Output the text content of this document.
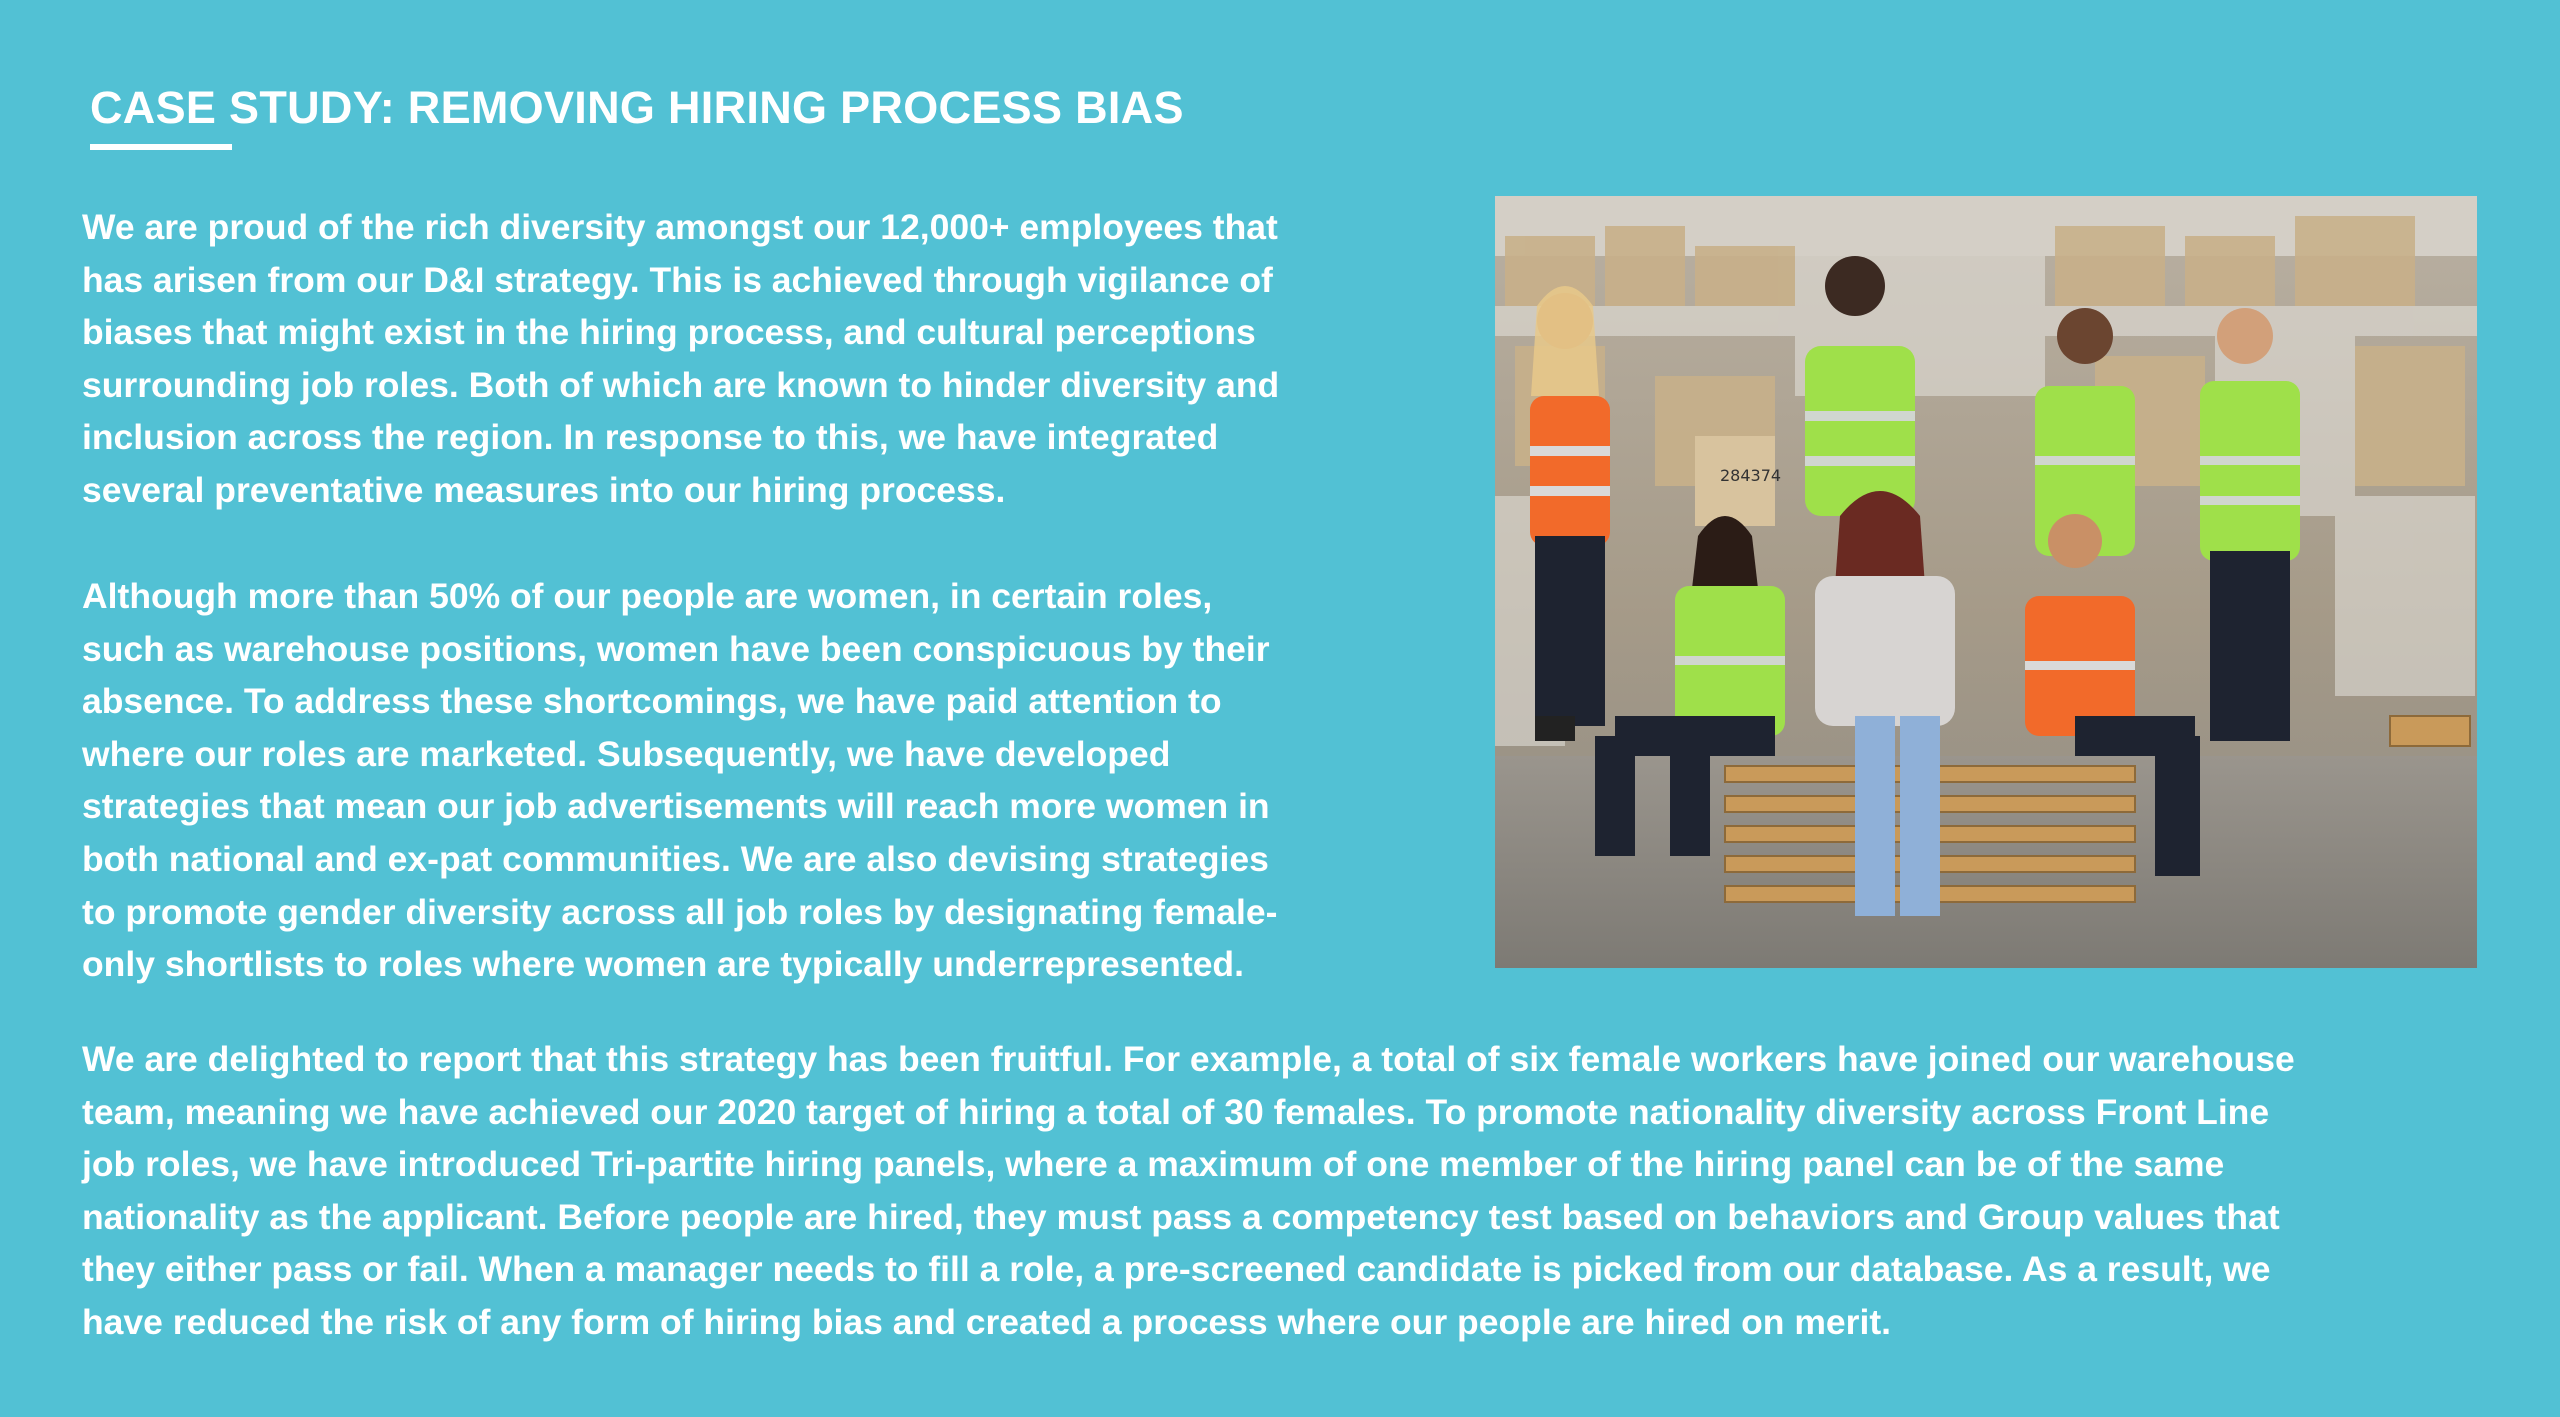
CASE STUDY: REMOVING HIRING PROCESS BIAS
We are proud of the rich diversity amongst our 12,000+ employees that
has arisen from our D&I strategy. This is achieved through vigilance of
biases that might exist in the hiring process, and cultural perceptions
surrounding job roles. Both of which are known to hinder diversity and
inclusion across the region. In response to this, we have integrated
several preventative measures into our hiring process.
Although more than 50% of our people are women, in certain roles,
such as warehouse positions, women have been conspicuous by their
absence. To address these shortcomings, we have paid attention to
where our roles are marketed. Subsequently, we have developed
strategies that mean our job advertisements will reach more women in
both national and ex-pat communities. We are also devising strategies
to promote gender diversity across all job roles by designating female-
only shortlists to roles where women are typically underrepresented.
284374
We are delighted to report that this strategy has been fruitful. For example, a total of six female workers have joined our warehouse
team, meaning we have achieved our 2020 target of hiring a total of 30 females. To promote nationality diversity across Front Line
job roles, we have introduced Tri-partite hiring panels, where a maximum of one member of the hiring panel can be of the same
nationality as the applicant. Before people are hired, they must pass a competency test based on behaviors and Group values that
they either pass or fail. When a manager needs to fill a role, a pre-screened candidate is picked from our database. As a result, we
have reduced the risk of any form of hiring bias and created a process where our people are hired on merit.
